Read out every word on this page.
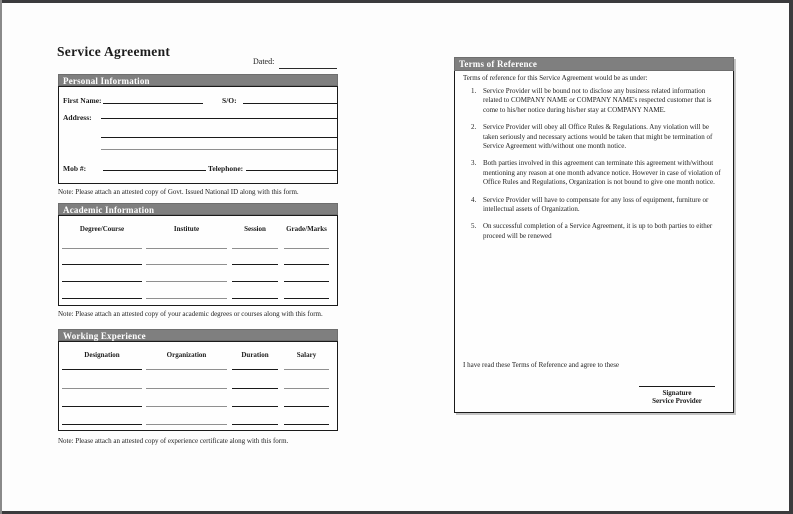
Service Agreement
Dated:
Personal Information
First Name:	S/O:
Address:
Mob #:	Telephone:
Note: Please attach an attested copy of Govt. Issued National ID along with this form.
Academic Information
Degree/Course	Institute	Session	Grade/Marks
Note: Please attach an attested copy of your academic degrees or courses along with this form.
Working Experience
Designation	Organization	Duration	Salary
Note: Please attach an attested copy of experience certificate along with this form.
Terms of Reference
Terms of reference for this Service Agreement would be as under:
1. Service Provider will be bound not to disclose any business related information related to COMPANY NAME or COMPANY NAME's respected customer that is come to his/her notice during his/her stay at COMPANY NAME.
2. Service Provider will obey all Office Rules & Regulations. Any violation will be taken seriously and necessary actions would be taken that might be termination of Service Agreement with/without one month notice.
3. Both parties involved in this agreement can terminate this agreement with/without mentioning any reason at one month advance notice. However in case of violation of Office Rules and Regulations, Organization is not bound to give one month notice.
4. Service Provider will have to compensate for any loss of equipment, furniture or intellectual assets of Organization.
5. On successful completion of a Service Agreement, it is up to both parties to either proceed will be renewed
I have read these Terms of Reference and agree to these
Signature
Service Provider
